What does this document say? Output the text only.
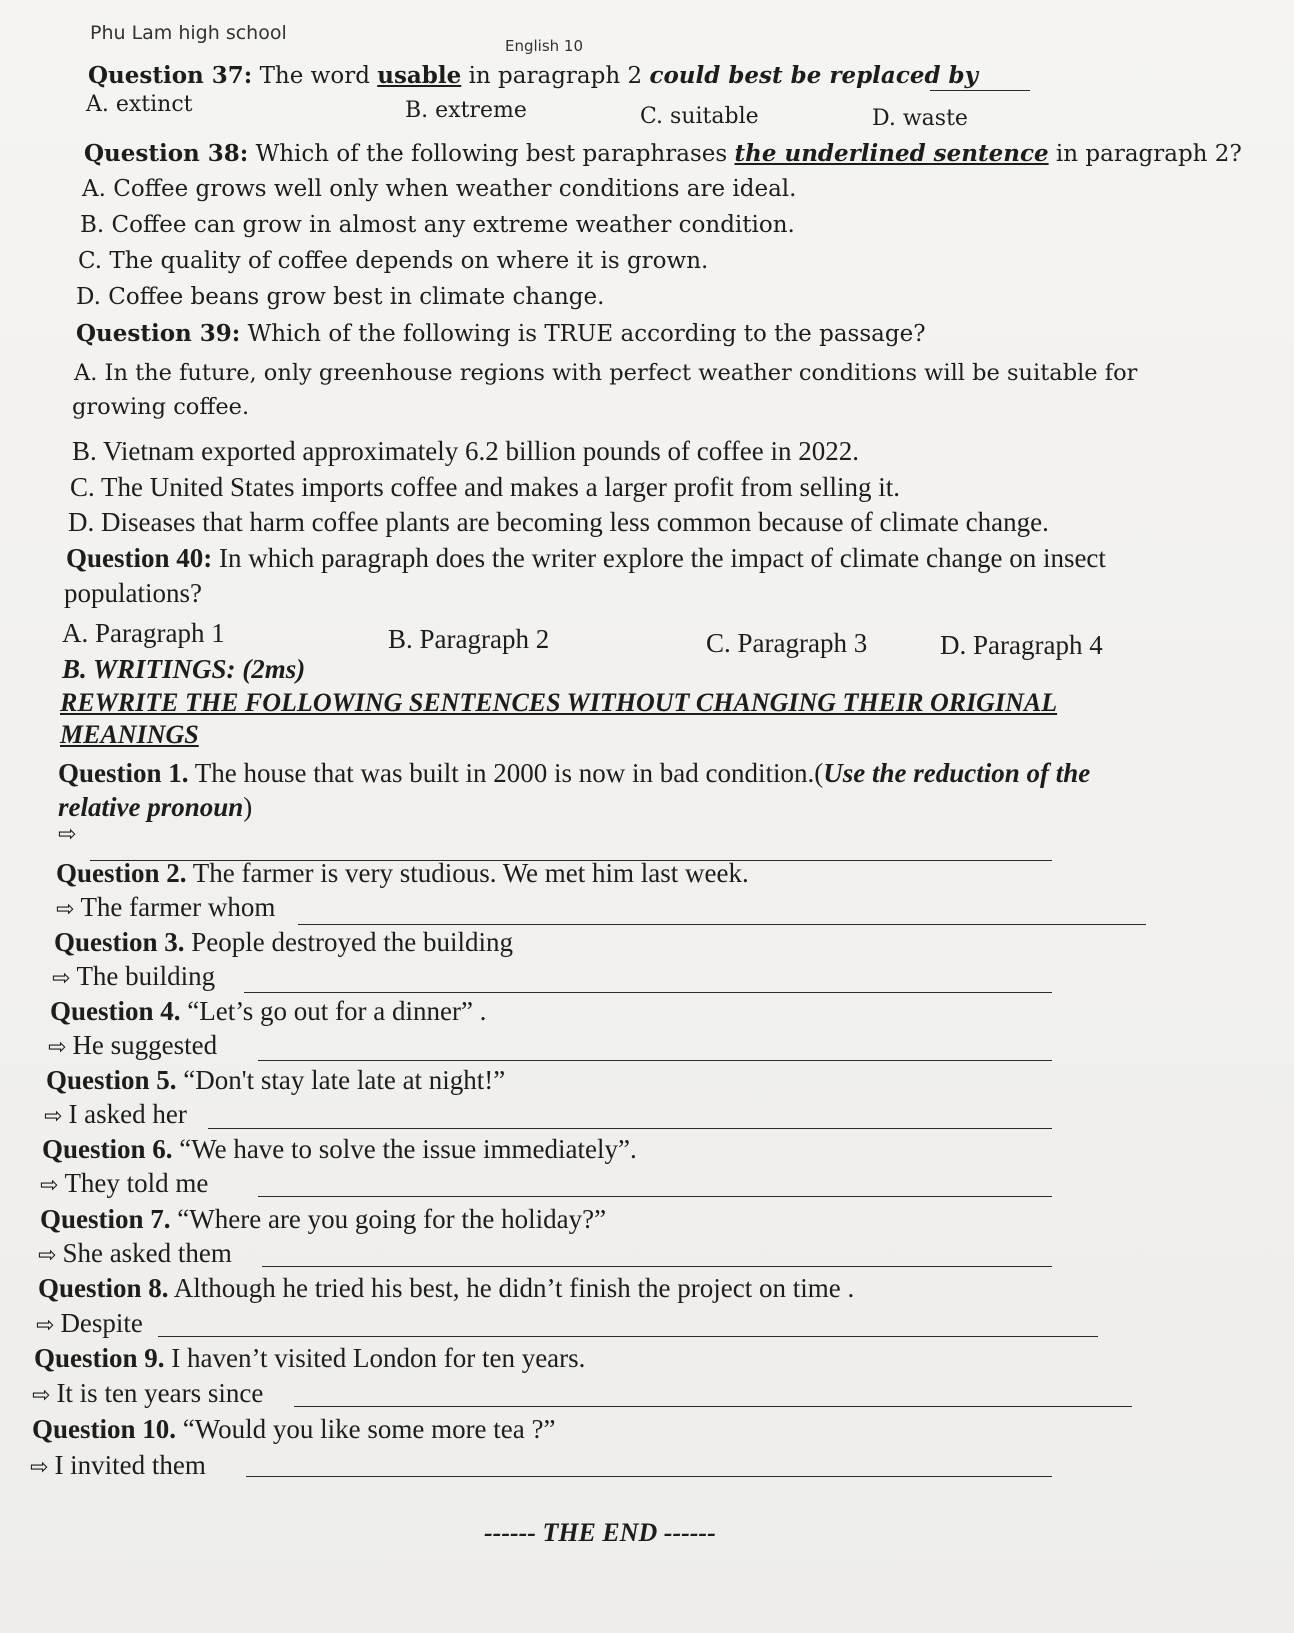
Phu Lam high school
English 10
Question 37: The word usable in paragraph 2 could best be replaced by
A. extinct	B. extreme	C. suitable	D. waste
Question 38: Which of the following best paraphrases the underlined sentence in paragraph 2?
A. Coffee grows well only when weather conditions are ideal.
B. Coffee can grow in almost any extreme weather condition.
C. The quality of coffee depends on where it is grown.
D. Coffee beans grow best in climate change.
Question 39: Which of the following is TRUE according to the passage?
A. In the future, only greenhouse regions with perfect weather conditions will be suitable for
growing coffee.
B. Vietnam exported approximately 6.2 billion pounds of coffee in 2022.
C. The United States imports coffee and makes a larger profit from selling it.
D. Diseases that harm coffee plants are becoming less common because of climate change.
Question 40: In which paragraph does the writer explore the impact of climate change on insect
populations?
A. Paragraph 1	B. Paragraph 2	C. Paragraph 3	D. Paragraph 4
B. WRITINGS: (2ms)
REWRITE THE FOLLOWING SENTENCES WITHOUT CHANGING THEIR ORIGINAL
MEANINGS
Question 1. The house that was built in 2000 is now in bad condition.(Use the reduction of the
relative pronoun)
⇨
Question 2. The farmer is very studious. We met him last week.
⇨ The farmer whom
Question 3. People destroyed the building
⇨ The building
Question 4. “Let’s go out for a dinner” .
⇨ He suggested
Question 5. “Don't stay late late at night!”
⇨ I asked her
Question 6. “We have to solve the issue immediately”.
⇨ They told me
Question 7. “Where are you going for the holiday?”
⇨ She asked them
Question 8. Although he tried his best, he didn’t finish the project on time .
⇨ Despite
Question 9. I haven’t visited London for ten years.
⇨ It is ten years since
Question 10. “Would you like some more tea ?”
⇨ I invited them
------ THE END ------
